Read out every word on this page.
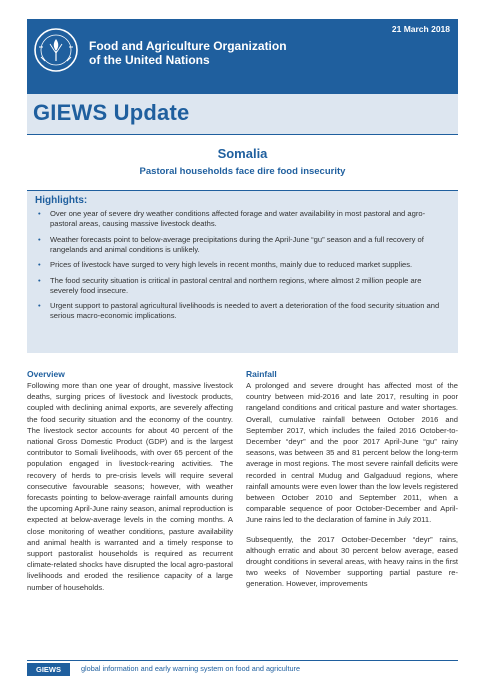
Food and Agriculture Organization
of the United Nations
21 March 2018
GIEWS Update
Somalia
Pastoral households face dire food insecurity
Highlights:
• Over one year of severe dry weather conditions affected forage and water availability in most pastoral and agro-pastoral areas, causing massive livestock deaths.
• Weather forecasts point to below-average precipitations during the April-June “gu” season and a full recovery of rangelands and animal conditions is unlikely.
• Prices of livestock have surged to very high levels in recent months, mainly due to reduced market supplies.
• The food security situation is critical in pastoral central and northern regions, where almost 2 million people are severely food insecure.
• Urgent support to pastoral agricultural livelihoods is needed to avert a deterioration of the food security situation and serious macro-economic implications.
Overview

Following more than one year of drought, massive livestock deaths, surging prices of livestock and livestock products, coupled with declining animal exports, are severely affecting the food security situation and the economy of the country. The livestock sector accounts for about 40 percent of the national Gross Domestic Product (GDP) and is the largest contributor to Somali livelihoods, with over 65 percent of the population engaged in livestock-rearing activities. The recovery of herds to pre-crisis levels will require several consecutive favourable seasons; however, with weather forecasts pointing to below-average rainfall amounts during the upcoming April-June rainy season, animal reproduction is expected at below-average levels in the coming months. A close monitoring of weather conditions, pasture availability and animal health is warranted and a timely response to support pastoralist households is required as recurrent climate-related shocks have disrupted the local agro-pastoral livelihoods and eroded the resilience capacity of a large number of households.

Rainfall

A prolonged and severe drought has affected most of the country between mid-2016 and late 2017, resulting in poor rangeland conditions and critical pasture and water shortages. Overall, cumulative rainfall between October 2016 and September 2017, which includes the failed 2016 October-to-December “deyr” and the poor 2017 April-June “gu” rainy seasons, was between 35 and 81 percent below the long-term average in most regions. The most severe rainfall deficits were recorded in central Mudug and Galgaduud regions, where rainfall amounts were even lower than the low levels registered between October 2010 and September 2011, when a comparable sequence of poor October-December and April-June rains led to the declaration of famine in July 2011.

Subsequently, the 2017 October-December “deyr” rains, although erratic and about 30 percent below average, eased drought conditions in several areas, with heavy rains in the first two weeks of November supporting partial pasture re-generation. However, improvements

GIEWS	global information and early warning system on food and agriculture
